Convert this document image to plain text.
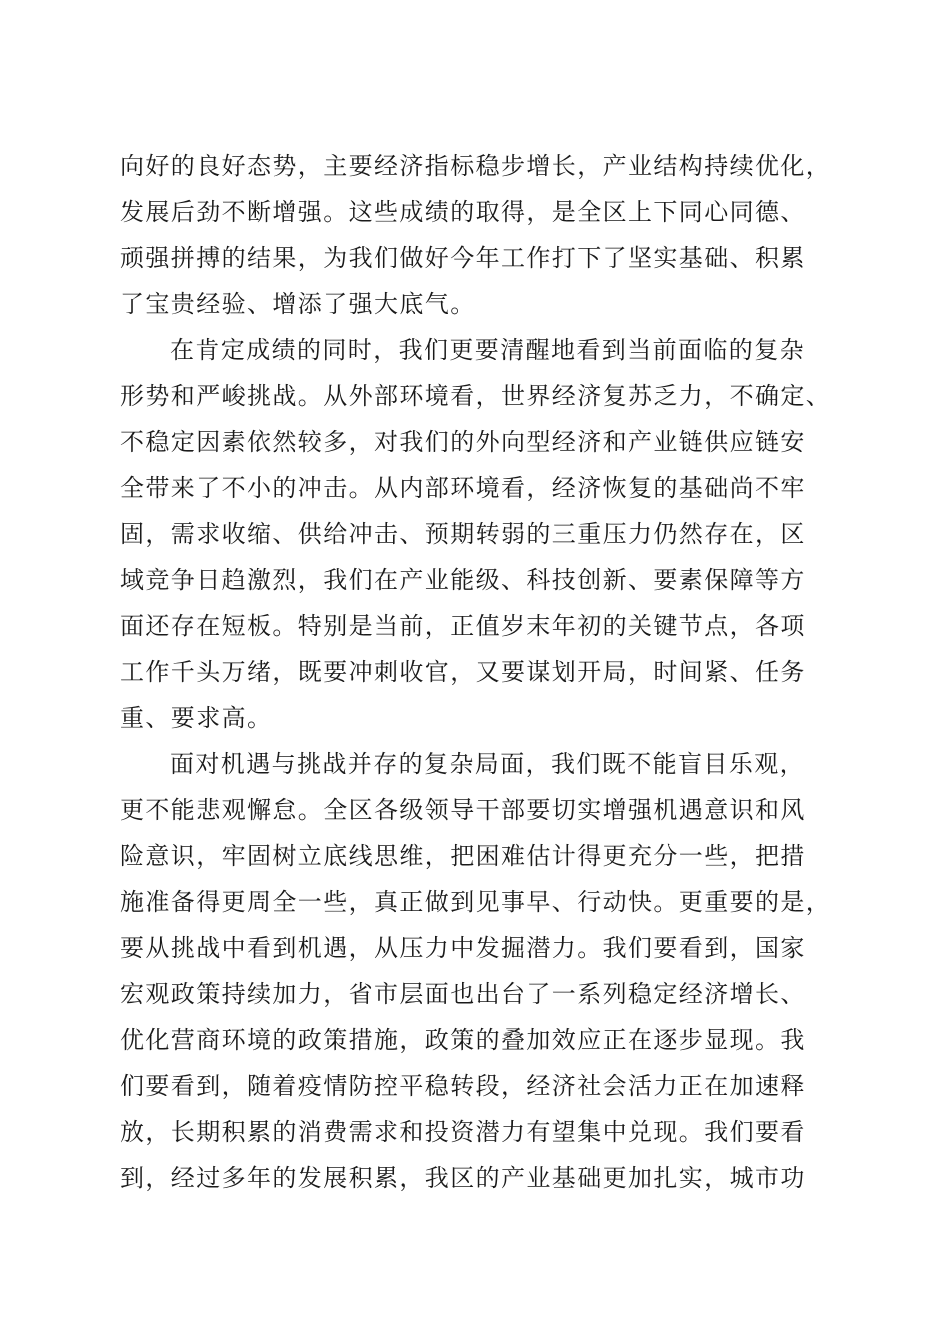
向好的良好态势，主要经济指标稳步增长，产业结构持续优化，
发展后劲不断增强。这些成绩的取得，是全区上下同心同德、
顽强拼搏的结果，为我们做好今年工作打下了坚实基础、积累
了宝贵经验、增添了强大底气。
在肯定成绩的同时，我们更要清醒地看到当前面临的复杂
形势和严峻挑战。从外部环境看，世界经济复苏乏力，不确定、
不稳定因素依然较多，对我们的外向型经济和产业链供应链安
全带来了不小的冲击。从内部环境看，经济恢复的基础尚不牢
固，需求收缩、供给冲击、预期转弱的三重压力仍然存在，区
域竞争日趋激烈，我们在产业能级、科技创新、要素保障等方
面还存在短板。特别是当前，正值岁末年初的关键节点，各项
工作千头万绪，既要冲刺收官，又要谋划开局，时间紧、任务
重、要求高。
面对机遇与挑战并存的复杂局面，我们既不能盲目乐观，
更不能悲观懈怠。全区各级领导干部要切实增强机遇意识和风
险意识，牢固树立底线思维，把困难估计得更充分一些，把措
施准备得更周全一些，真正做到见事早、行动快。更重要的是，
要从挑战中看到机遇，从压力中发掘潜力。我们要看到，国家
宏观政策持续加力，省市层面也出台了一系列稳定经济增长、
优化营商环境的政策措施，政策的叠加效应正在逐步显现。我
们要看到，随着疫情防控平稳转段，经济社会活力正在加速释
放，长期积累的消费需求和投资潜力有望集中兑现。我们要看
到，经过多年的发展积累，我区的产业基础更加扎实，城市功
